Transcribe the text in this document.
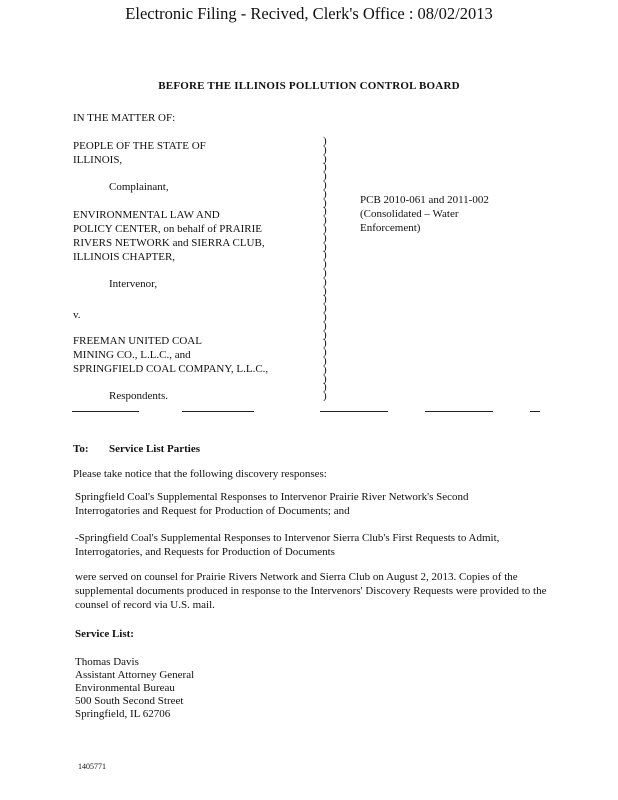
Electronic Filing - Recived, Clerk's Office : 08/02/2013
BEFORE THE ILLINOIS POLLUTION CONTROL BOARD
IN THE MATTER OF:
PEOPLE OF THE STATE OF
ILLINOIS,
Complainant,
ENVIRONMENTAL LAW AND
POLICY CENTER, on behalf of PRAIRIE
RIVERS NETWORK and SIERRA CLUB,
ILLINOIS CHAPTER,
Intervenor,
v.
FREEMAN UNITED COAL
MINING CO., L.L.C., and
SPRINGFIELD COAL COMPANY, L.L.C.,
Respondents.
)
)
)
)
)
)
)
)
)
)
)
)
)
)
)
)
)
)
)
)
)
)
)
)
)
)
)
)
)
)
PCB 2010-061 and 2011-002
(Consolidated – Water
Enforcement)
To: Service List Parties
Please take notice that the following discovery responses:
Springfield Coal's Supplemental Responses to Intervenor Prairie River Network's Second Interrogatories and Request for Production of Documents; and
-Springfield Coal's Supplemental Responses to Intervenor Sierra Club's First Requests to Admit, Interrogatories, and Requests for Production of Documents
were served on counsel for Prairie Rivers Network and Sierra Club on August 2, 2013. Copies of the supplemental documents produced in response to the Intervenors' Discovery Requests were provided to the counsel of record via U.S. mail.
Service List:
Thomas Davis
Assistant Attorney General
Environmental Bureau
500 South Second Street
Springfield, IL 62706
1405771
